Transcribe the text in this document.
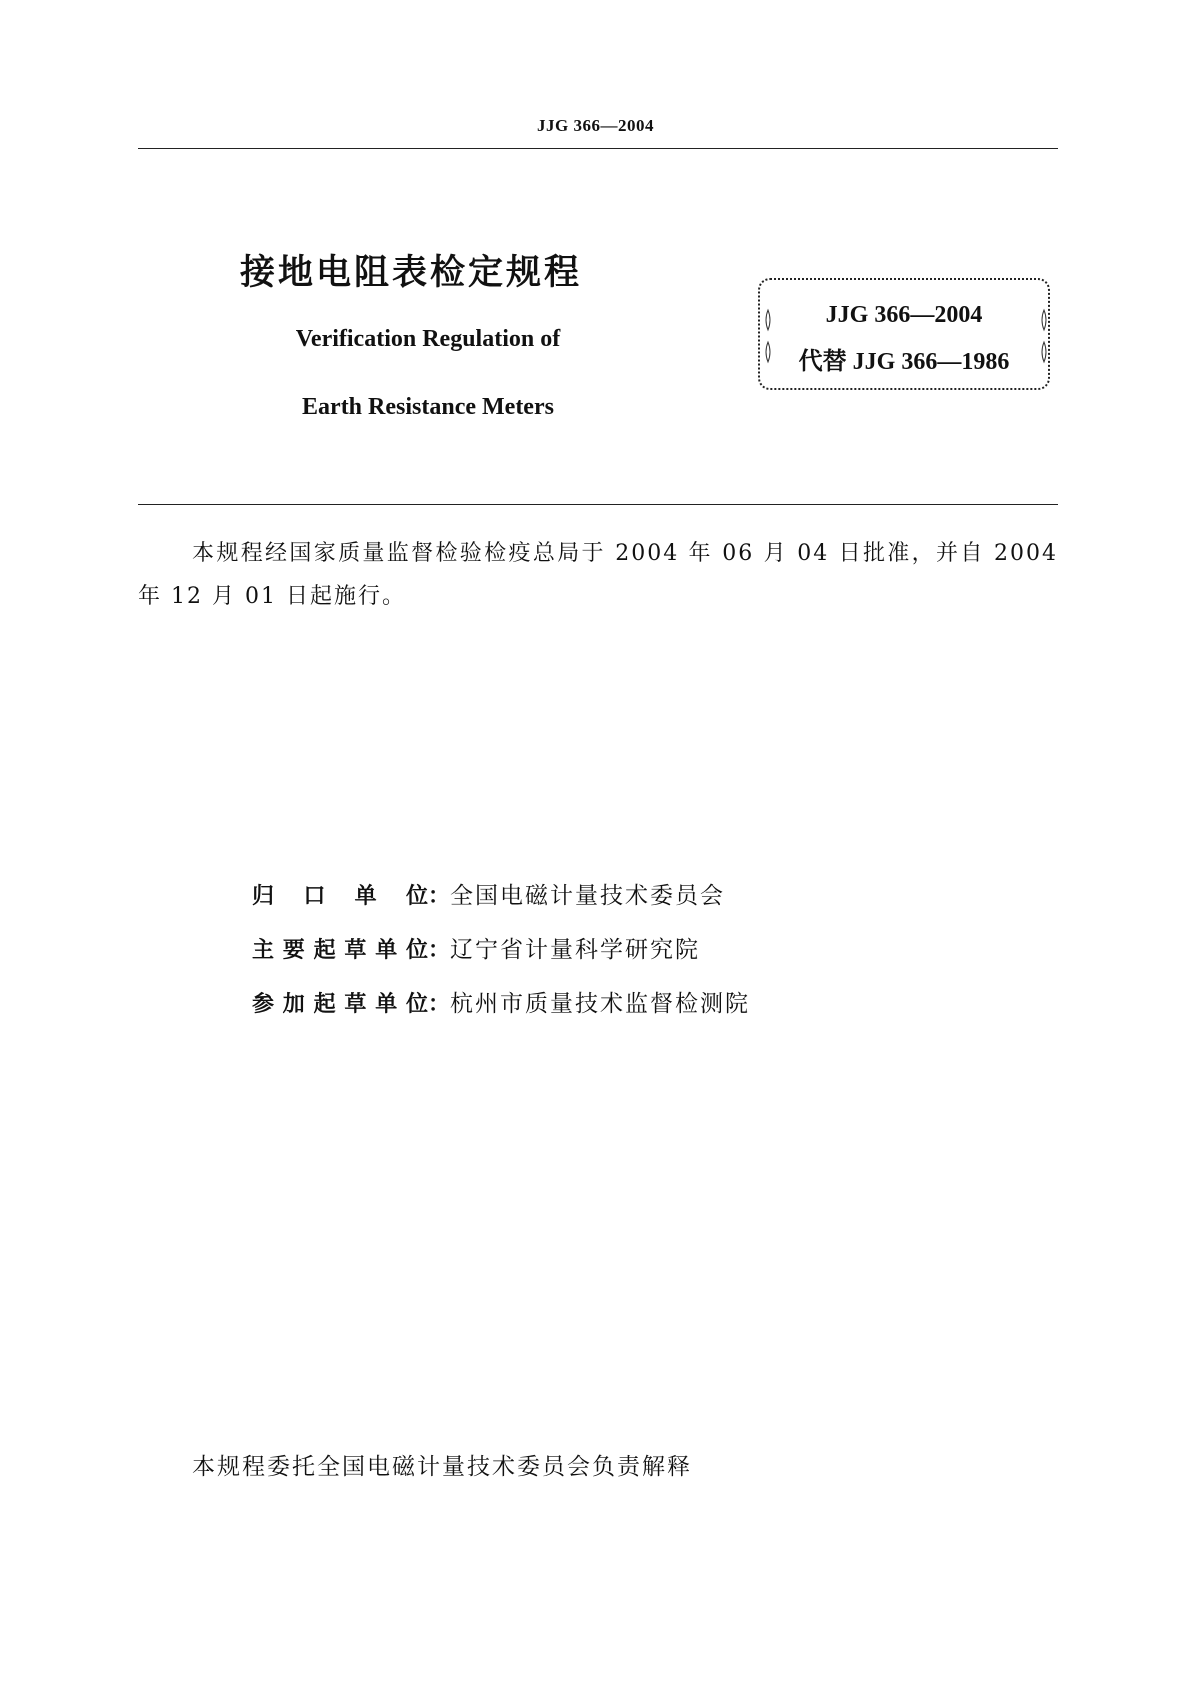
JJG 366—2004
接地电阻表检定规程
Verification Regulation of
Earth Resistance Meters
JJG 366—2004
代替 JJG 366—1986
本规程经国家质量监督检验检疫总局于 2004 年 06 月 04 日批准，并自 2004 年 12 月 01 日起施行。
归口单位：全国电磁计量技术委员会
主要起草单位：辽宁省计量科学研究院
参加起草单位：杭州市质量技术监督检测院
本规程委托全国电磁计量技术委员会负责解释
